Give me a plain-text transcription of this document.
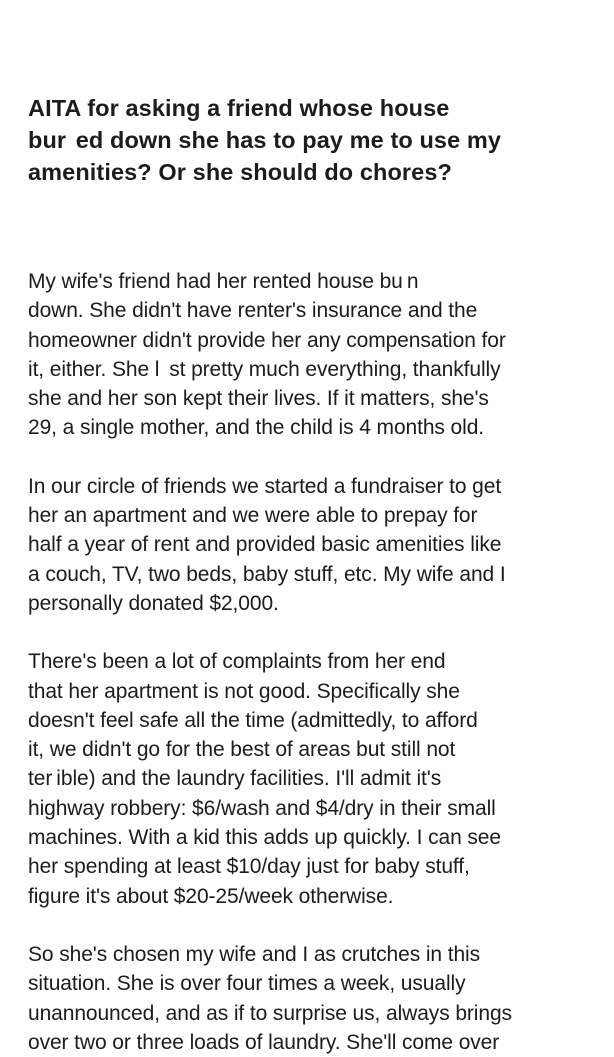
AITA for asking a friend whose house
bur  ed down she has to pay me to use my
amenities? Or she should do chores?

My wife's friend had her rented house bu n
down. She didn't have renter's insurance and the
homeowner didn't provide her any compensation for
it, either. She l  st pretty much everything, thankfully
she and her son kept their lives. If it matters, she's
29, a single mother, and the child is 4 months old.

In our circle of friends we started a fundraiser to get
her an apartment and we were able to prepay for
half a year of rent and provided basic amenities like
a couch, TV, two beds, baby stuff, etc. My wife and I
personally donated $2,000.

There's been a lot of complaints from her end
that her apartment is not good. Specifically she
doesn't feel safe all the time (admittedly, to afford
it, we didn't go for the best of areas but still not
ter ible) and the laundry facilities. I'll admit it's
highway robbery: $6/wash and $4/dry in their small
machines. With a kid this adds up quickly. I can see
her spending at least $10/day just for baby stuff,
figure it's about $20-25/week otherwise.

So she's chosen my wife and I as crutches in this
situation. She is over four times a week, usually
unannounced, and as if to surprise us, always brings
over two or three loads of laundry. She'll come over
